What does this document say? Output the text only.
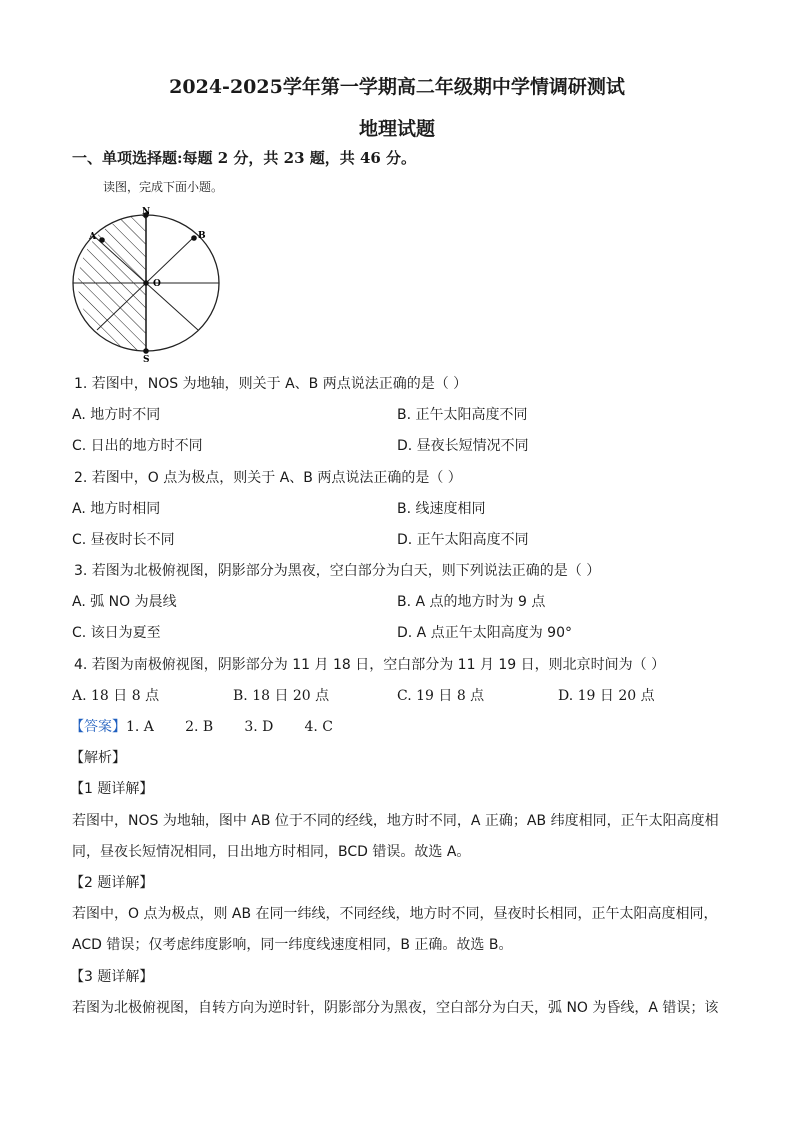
2024-2025学年第一学期高二年级期中学情调研测试
地理试题
一、单项选择题:每题 2 分，共 23 题，共 46 分。
读图，完成下面小题。
N
S
A	B
O
1. 若图中，NOS 为地轴，则关于 A、B 两点说法正确的是（ ）
A. 地方时不同	B. 正午太阳高度不同
C. 日出的地方时不同	D. 昼夜长短情况不同
2. 若图中，O 点为极点，则关于 A、B 两点说法正确的是（ ）
A. 地方时相同	B. 线速度相同
C. 昼夜时长不同	D. 正午太阳高度不同
3. 若图为北极俯视图，阴影部分为黑夜，空白部分为白天，则下列说法正确的是（ ）
A. 弧 NO 为晨线	B. A 点的地方时为 9 点
C. 该日为夏至	D. A 点正午太阳高度为 90°
4. 若图为南极俯视图，阴影部分为 11 月 18 日，空白部分为 11 月 19 日，则北京时间为（ ）
A. 18 日 8 点	B. 18 日 20 点	C. 19 日 8 点	D. 19 日 20 点
【答案】1. A       2. B       3. D       4. C
【解析】
【1 题详解】
若图中，NOS 为地轴，图中 AB 位于不同的经线，地方时不同，A 正确；AB 纬度相同，正午太阳高度相
同，昼夜长短情况相同，日出地方时相同，BCD 错误。故选 A。
【2 题详解】
若图中，O 点为极点，则 AB 在同一纬线，不同经线，地方时不同，昼夜时长相同，正午太阳高度相同，
ACD 错误；仅考虑纬度影响，同一纬度线速度相同，B 正确。故选 B。
【3 题详解】
若图为北极俯视图，自转方向为逆时针，阴影部分为黑夜，空白部分为白天，弧 NO 为昏线，A 错误；该
